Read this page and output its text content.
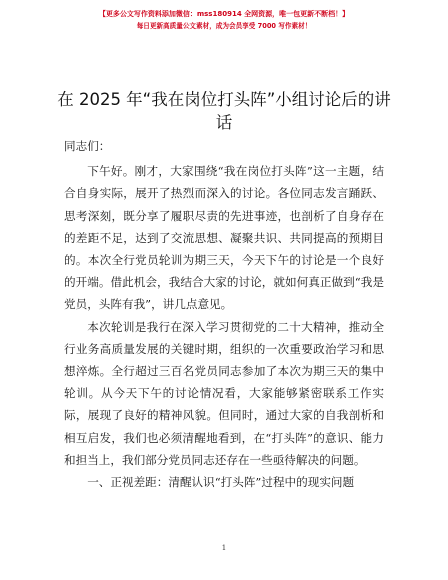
【更多公文写作资料添加微信：mss180914 全网资源，唯一包更新不断档！】
每日更新高质量公文素材，成为会员享受 7000 写作素材！
在 2025 年“我在岗位打头阵”小组讨论后的讲话

同志们：

下午好。刚才，大家围绕“我在岗位打头阵”这一主题，结合自身实际，展开了热烈而深入的讨论。各位同志发言踊跃、思考深刻，既分享了履职尽责的先进事迹，也剖析了自身存在的差距不足，达到了交流思想、凝聚共识、共同提高的预期目的。本次全行党员轮训为期三天，今天下午的讨论是一个良好的开端。借此机会，我结合大家的讨论，就如何真正做到“我是党员，头阵有我”，讲几点意见。

本次轮训是我行在深入学习贯彻党的二十大精神，推动全行业务高质量发展的关键时期，组织的一次重要政治学习和思想淬炼。全行超过三百名党员同志参加了本次为期三天的集中轮训。从今天下午的讨论情况看，大家能够紧密联系工作实际，展现了良好的精神风貌。但同时，通过大家的自我剖析和相互启发，我们也必须清醒地看到，在“打头阵”的意识、能力和担当上，我们部分党员同志还存在一些亟待解决的问题。

一、正视差距：清醒认识“打头阵”过程中的现实问题

1
